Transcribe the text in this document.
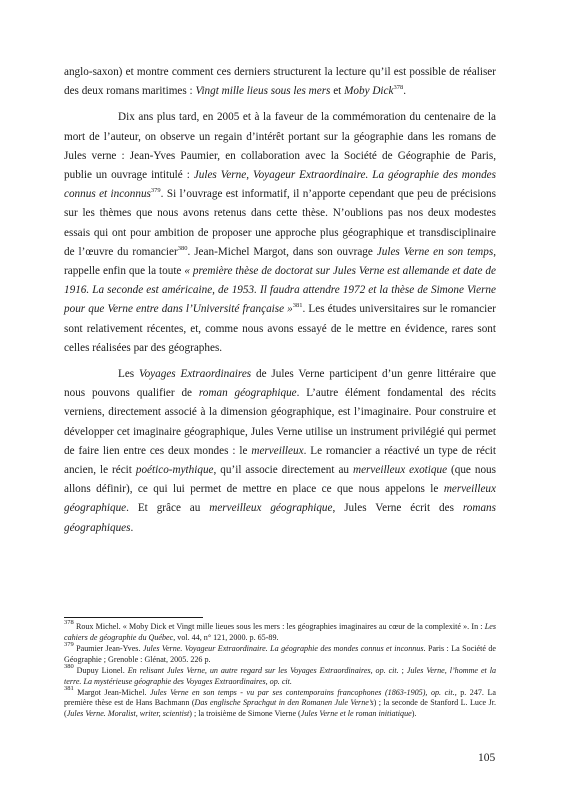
anglo-saxon) et montre comment ces derniers structurent la lecture qu’il est possible de réaliser des deux romans maritimes : Vingt mille lieus sous les mers et Moby Dick$^{378}$.

Dix ans plus tard, en 2005 et à la faveur de la commémoration du centenaire de la mort de l’auteur, on observe un regain d’intérêt portant sur la géographie dans les romans de Jules verne : Jean-Yves Paumier, en collaboration avec la Société de Géographie de Paris, publie un ouvrage intitulé : Jules Verne, Voyageur Extraordinaire. La géographie des mondes connus et inconnus$^{379}$. Si l’ouvrage est informatif, il n’apporte cependant que peu de précisions sur les thèmes que nous avons retenus dans cette thèse. N’oublions pas nos deux modestes essais qui ont pour ambition de proposer une approche plus géographique et transdisciplinaire de l’œuvre du romancier$^{380}$. Jean-Michel Margot, dans son ouvrage Jules Verne en son temps, rappelle enfin que la toute « première thèse de doctorat sur Jules Verne est allemande et date de 1916. La seconde est américaine, de 1953. Il faudra attendre 1972 et la thèse de Simone Vierne pour que Verne entre dans l’Université française »$^{381}$. Les études universitaires sur le romancier sont relativement récentes, et, comme nous avons essayé de le mettre en évidence, rares sont celles réalisées par des géographes.

Les Voyages Extraordinaires de Jules Verne participent d’un genre littéraire que nous pouvons qualifier de roman géographique. L’autre élément fondamental des récits verniens, directement associé à la dimension géographique, est l’imaginaire. Pour construire et développer cet imaginaire géographique, Jules Verne utilise un instrument privilégié qui permet de faire lien entre ces deux mondes : le merveilleux. Le romancier a réactivé un type de récit ancien, le récit poético-mythique, qu’il associe directement au merveilleux exotique (que nous allons définir), ce qui lui permet de mettre en place ce que nous appelons le merveilleux géographique. Et grâce au merveilleux géographique, Jules Verne écrit des romans géographiques.

$^{378}$ Roux Michel. « Moby Dick et Vingt mille lieues sous les mers : les géographies imaginaires au cœur de la complexité ». In : Les cahiers de géographie du Québec, vol. 44, n° 121, 2000. p. 65-89.
$^{379}$ Paumier Jean-Yves. Jules Verne. Voyageur Extraordinaire. La géographie des mondes connus et inconnus. Paris : La Société de Géographie ; Grenoble : Glénat, 2005. 226 p.
$^{380}$ Dupuy Lionel. En relisant Jules Verne, un autre regard sur les Voyages Extraordinaires, op. cit. ; Jules Verne, l’homme et la terre. La mystérieuse géographie des Voyages Extraordinaires, op. cit.
$^{381}$ Margot Jean-Michel. Jules Verne en son temps - vu par ses contemporains francophones (1863-1905), op. cit., p. 247. La première thèse est de Hans Bachmann (Das englische Sprachgut in den Romanen Jule Verne’s) ; la seconde de Stanford L. Luce Jr. (Jules Verne. Moralist, writer, scientist) ; la troisième de Simone Vierne (Jules Verne et le roman initiatique).
105
